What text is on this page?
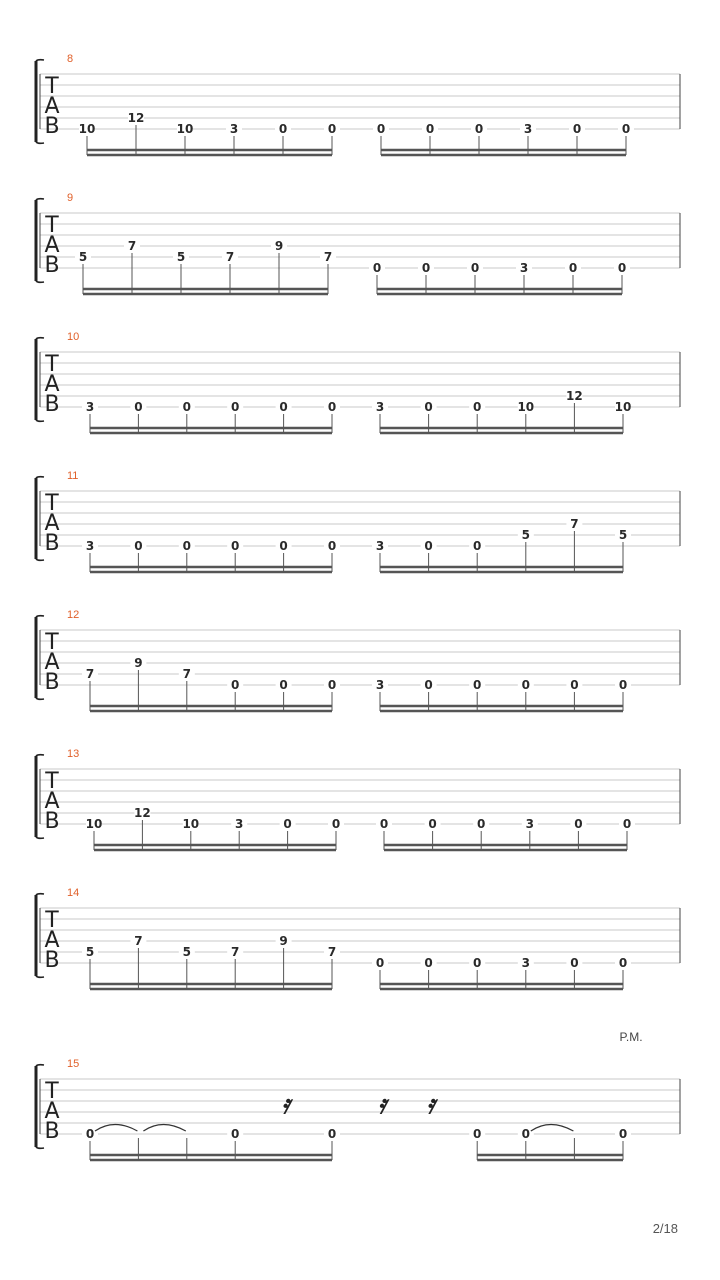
8
T
A
B 10
12
10	3	0	0	0	0	0	3	0	0
9
T
A
B 5
7
5	7
9
7
0	0	0	3	0	0
10
T
A
B 3	0	0	0	0	0	3	0	0	10
12
10
11
T
A
B 3	0	0	0	0	0	3	0	0
5
7
5
12
T
A
B 7
9
7
0	0	0	3	0	0	0	0	0
13
T
A
B 10
12
10	3	0	0	0	0	0	3	0	0
14
T
A
B 5
7
5	7
9
7
0	0	0	3	0	0
15
T
A
B
P.M.
0	0
𝄿
0
𝄿 𝄿
0	0	0
2/18
